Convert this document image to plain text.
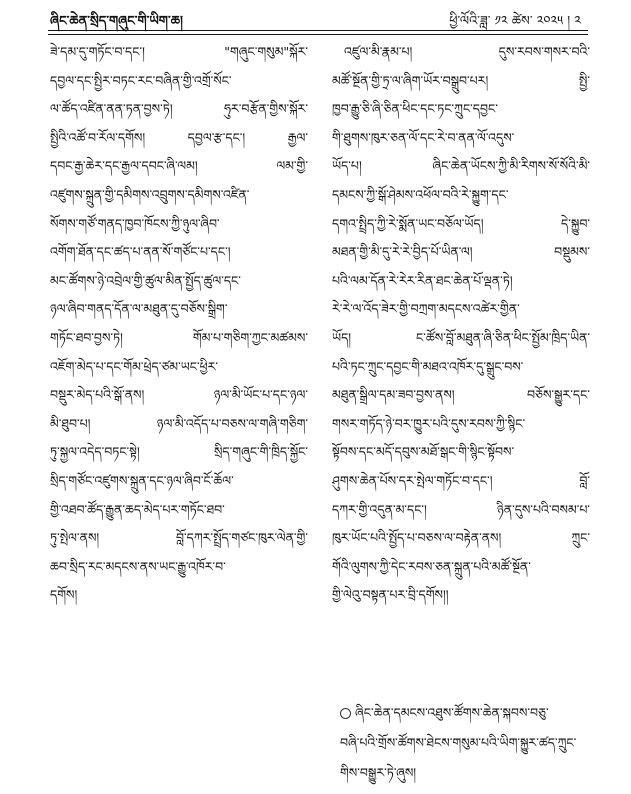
ཞིང་ཆེན་སྲིད་གཞུང་གི་ཡིག་ཆ།	ཕྱི་ལོའི་ཟླ་ ༡༢ ཚེས་ ༢༠༢༥ ། ༢
ཟེ་དམ་དུ་གཏོང་བ་དང་། "གཞུང་གསུམ"སྐོར་
དབྱལ་དང་སྤྱིར་བཏང་རང་བཞིན་གྱི་འགྲོ་སོང་
ལ་ཚོད་འཛིན་ནན་ཏན་བྱས་ཏེ། ཧུར་བརྩོན་གྱིས་སྐོར་
སྤྱིའི་འཚོ་བ་རོལ་དགོས། དབྱལ་རྩ་དང་། རྒྱལ་
དབང་རྒྱ་ཆེར་དང་རྒྱལ་དབང་ཞི་ལམ། ལམ་གྱི་
འཛུགས་སྐྲུན་གྱི་དམིགས་འབྲུགས་དམིགས་འཛིན་
སོགས་གཙོ་གནད་ཁྱབ་ཁོངས་ཀྱི་ཉུལ་ཞིབ་
འགོག་ཐོན་དང་ཚད་པ་ནན་སོ་གཙོང་པ་དང་།
མང་ཚོགས་ཉེ་འབྲེལ་གྱི་ཚུལ་མིན་སྤྱོད་ཚུལ་དང་
ཉལ་ཞིབ་གནད་དོན་ལ་མཐུན་དུ་བཅོས་སྒྲིག་
གཏོང་ཐབ་བྱས་ཏེ། གོམ་པ་གཅིག་ཀྱང་མཚམས་
འཇོག་མེད་པ་དང་གོམ་ཕྲེད་ཙམ་ཡང་ཕྱིར་
བསྡུར་མེད་པའི་སྒོ་ནས། ཉལ་མི་ཡོང་པ་དང་ཉལ་
མི་ཐུབ་པ། ཉལ་མི་འདོད་པ་བཅས་ལ་གཞི་གཅིག་
ཏུ་སྐྱལ་འདེད་བཏང་སྟེ། སྲིད་གཞུང་གི་ཁྲིད་སྐྱོང་
སྲིད་གཙོང་འཛུགས་སྐྲུན་དང་ཉལ་ཞིབ་ངོ་ཆོལ་
གྱི་འཐབ་ཚོད་རྒྱུན་ཆད་མེད་པར་གཏོང་ཐབ་
ཏུ་སྤེལ་ནས། བློ་དཀར་སྤྲོད་གཙང་ཁུར་ལེན་གྱི་
ཆབ་སྲིད་རང་མདངས་ནས་ཡང་རྒྱུ་འཁོར་བ་
དགོས།
འཛུལ་མི་རྣམ་པ། དུས་རབས་གསར་བའི་
མཚོ་སྔོན་གྱི་ཏྲ་ལ་ཞིག་ཡོར་བསྒྲུབ་པར། སྤྱི་
ཁྱབ་རྒྱུ་ཅི་ཞི་ཅིན་ཕིང་དང་ཏང་ཀྲུང་དབྱང་
གི་ཐུགས་ཁུར་ཅན་ལོ་དང་རེ་བ་ནན་ལོ་འདུས་
ཡོད་པ། ཞིང་ཆེན་ཡོངས་ཀྱི་མི་རིགས་སོ་སོའི་མི་
དམངས་ཀྱི་སྒོ་ཤེམས་འཕོལ་བའི་རེ་སྐྱུག་དང་
དགའ་སྤྲིད་ཀྱི་རེ་སྨོན་ཡང་བཅོལ་ཡོད། དེ་སྐྱུབ་
མཐན་གྱི་མི་དུ་རེ་རེ་བྱིད་པོ་ཡིན་ལ། བསྡུམས་
པའི་ལམ་དོན་རེ་རེར་རིན་ཐང་ཆེན་པོ་ལྡན་ཏེ།
རེ་རེ་ལ་འོད་ཟེར་གྱི་བཀྲག་མདངས་འཚེར་གྱིན་
ཡོད། ང་ཚོས་བློ་མཐུན་ཞི་ཅིན་ཕིང་སྤྱོམ་ཁྲིད་ཡིན་
པའི་ཏང་ཀྲུང་དབྱང་གི་མཐའ་འཁོར་དུ་སྒྲུང་བས་
མཐུན་སྒྲིལ་དམ་ཟབ་བྱས་ནས། བཅོས་སྒྱུར་དང་
གསར་གཏོད་ཉེ་བར་ཁྱུར་པའི་དུས་རབས་ཀྱི་སྙིང་
སྟོབས་དང་མདོ་དབུས་མཐོ་སྒང་གི་སྙིང་སྟོབས་
ཤུགས་ཆེན་པོས་དར་སྤེལ་གཏོང་བ་དང་། བློ་
དཀར་གྱི་འདུན་མ་དང་། ཉིན་དུས་པའི་བསམ་པ་
ཁུར་ཡོང་པའི་སྤྱོད་པ་བཅས་ལ་བརྟེན་ནས། ཀྲུང་
གོའི་ལུགས་ཀྱི་དེང་རབས་ཅན་སྐྲུན་པའི་མཚོ་སྔོན་
གྱི་ལེའུ་བསྟན་པར་བྲི་དགོས།།
ཞིང་ཆེན་དམངས་འཐུས་ཚོགས་ཆེན་སྐབས་བཅུ་
བཞི་པའི་གྲོས་ཚོགས་ཐེངས་གསུམ་པའི་ཡིག་སྐྱུར་ཚད་ཀྲུང་
གིས་བསྒྱུར་ཏེ་ཞུས།
